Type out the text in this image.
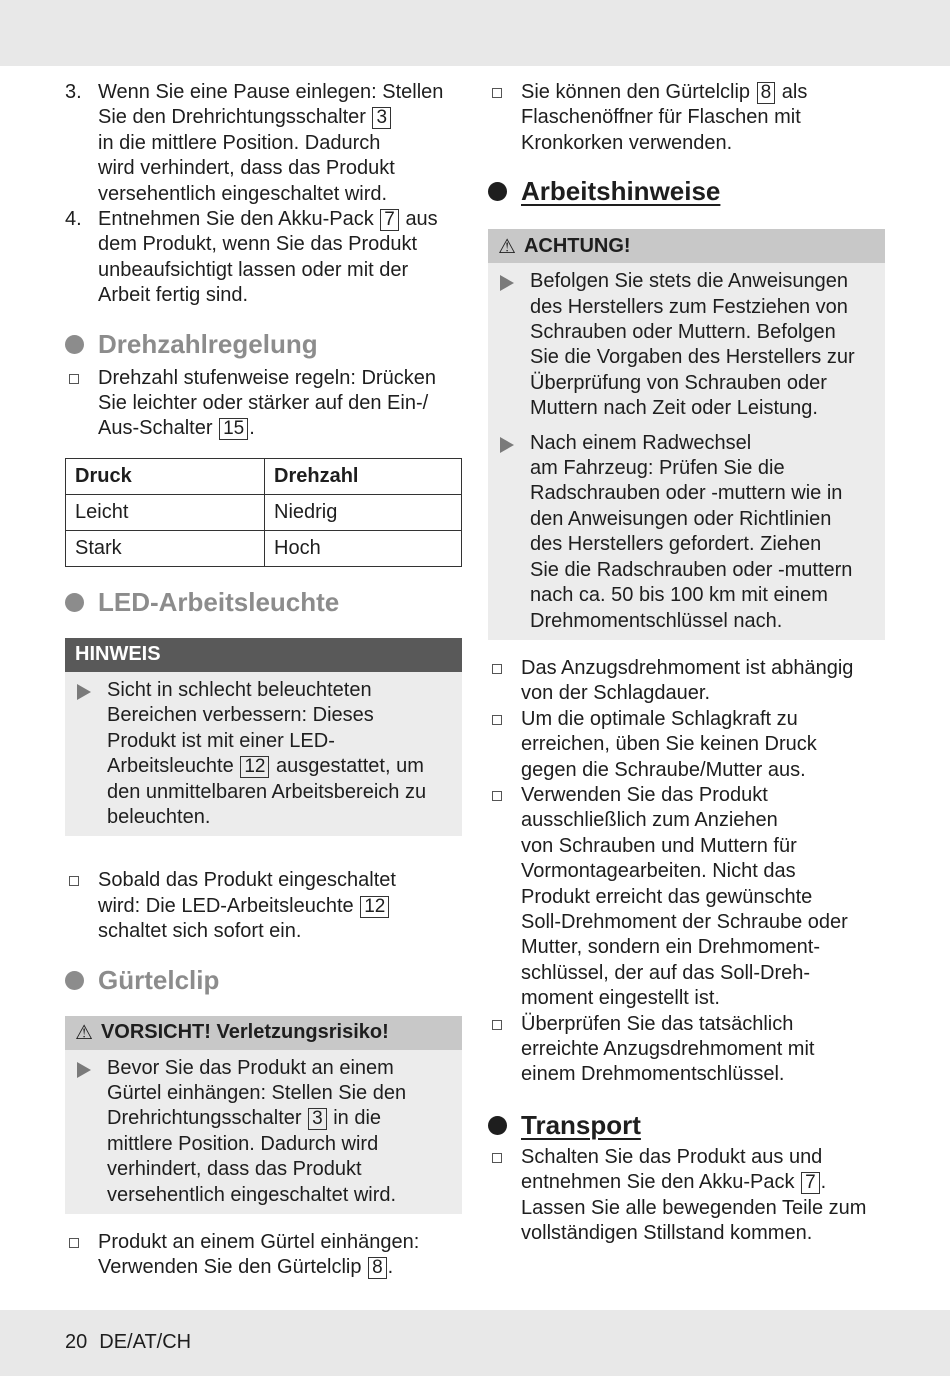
3. Wenn Sie eine Pause einlegen: Stellen
Sie den Drehrichtungsschalter 3
in die mittlere Position. Dadurch
wird verhindert, dass das Produkt
versehentlich eingeschaltet wird.
4. Entnehmen Sie den Akku-Pack 7 aus
dem Produkt, wenn Sie das Produkt
unbeaufsichtigt lassen oder mit der
Arbeit fertig sind.
Drehzahlregelung
Drehzahl stufenweise regeln: Drücken
Sie leichter oder stärker auf den Ein-/
Aus-Schalter 15 .
Druck	Drehzahl
Leicht	Niedrig
Stark	Hoch
LED-Arbeitsleuchte
HINWEIS
Sicht in schlecht beleuchteten
Bereichen verbessern: Dieses
Produkt ist mit einer LED-
Arbeitsleuchte 12 ausgestattet, um
den unmittelbaren Arbeitsbereich zu
beleuchten.
Sobald das Produkt eingeschaltet
wird: Die LED-Arbeitsleuchte 12
schaltet sich sofort ein.
Gürtelclip
⚠ VORSICHT! Verletzungsrisiko!
Bevor Sie das Produkt an einem
Gürtel einhängen: Stellen Sie den
Drehrichtungsschalter 3 in die
mittlere Position. Dadurch wird
verhindert, dass das Produkt
versehentlich eingeschaltet wird.
Produkt an einem Gürtel einhängen:
Verwenden Sie den Gürtelclip 8 .
Sie können den Gürtelclip 8 als
Flaschenöffner für Flaschen mit
Kronkorken verwenden.
Arbeitshinweise
⚠ ACHTUNG!
Befolgen Sie stets die Anweisungen
des Herstellers zum Festziehen von
Schrauben oder Muttern. Befolgen
Sie die Vorgaben des Herstellers zur
Überprüfung von Schrauben oder
Muttern nach Zeit oder Leistung.
Nach einem Radwechsel
am Fahrzeug: Prüfen Sie die
Radschrauben oder -muttern wie in
den Anweisungen oder Richtlinien
des Herstellers gefordert. Ziehen
Sie die Radschrauben oder -muttern
nach ca. 50 bis 100 km mit einem
Drehmomentschlüssel nach.
Das Anzugsdrehmoment ist abhängig
von der Schlagdauer.
Um die optimale Schlagkraft zu
erreichen, üben Sie keinen Druck
gegen die Schraube/Mutter aus.
Verwenden Sie das Produkt
ausschließlich zum Anziehen
von Schrauben und Muttern für
Vormontagearbeiten. Nicht das
Produkt erreicht das gewünschte
Soll-Drehmoment der Schraube oder
Mutter, sondern ein Drehmoment-
schlüssel, der auf das Soll-Dreh-
moment eingestellt ist.
Überprüfen Sie das tatsächlich
erreichte Anzugsdrehmoment mit
einem Drehmomentschlüssel.
Transport
Schalten Sie das Produkt aus und
entnehmen Sie den Akku-Pack 7 .
Lassen Sie alle bewegenden Teile zum
vollständigen Stillstand kommen.
20 DE/AT/CH
